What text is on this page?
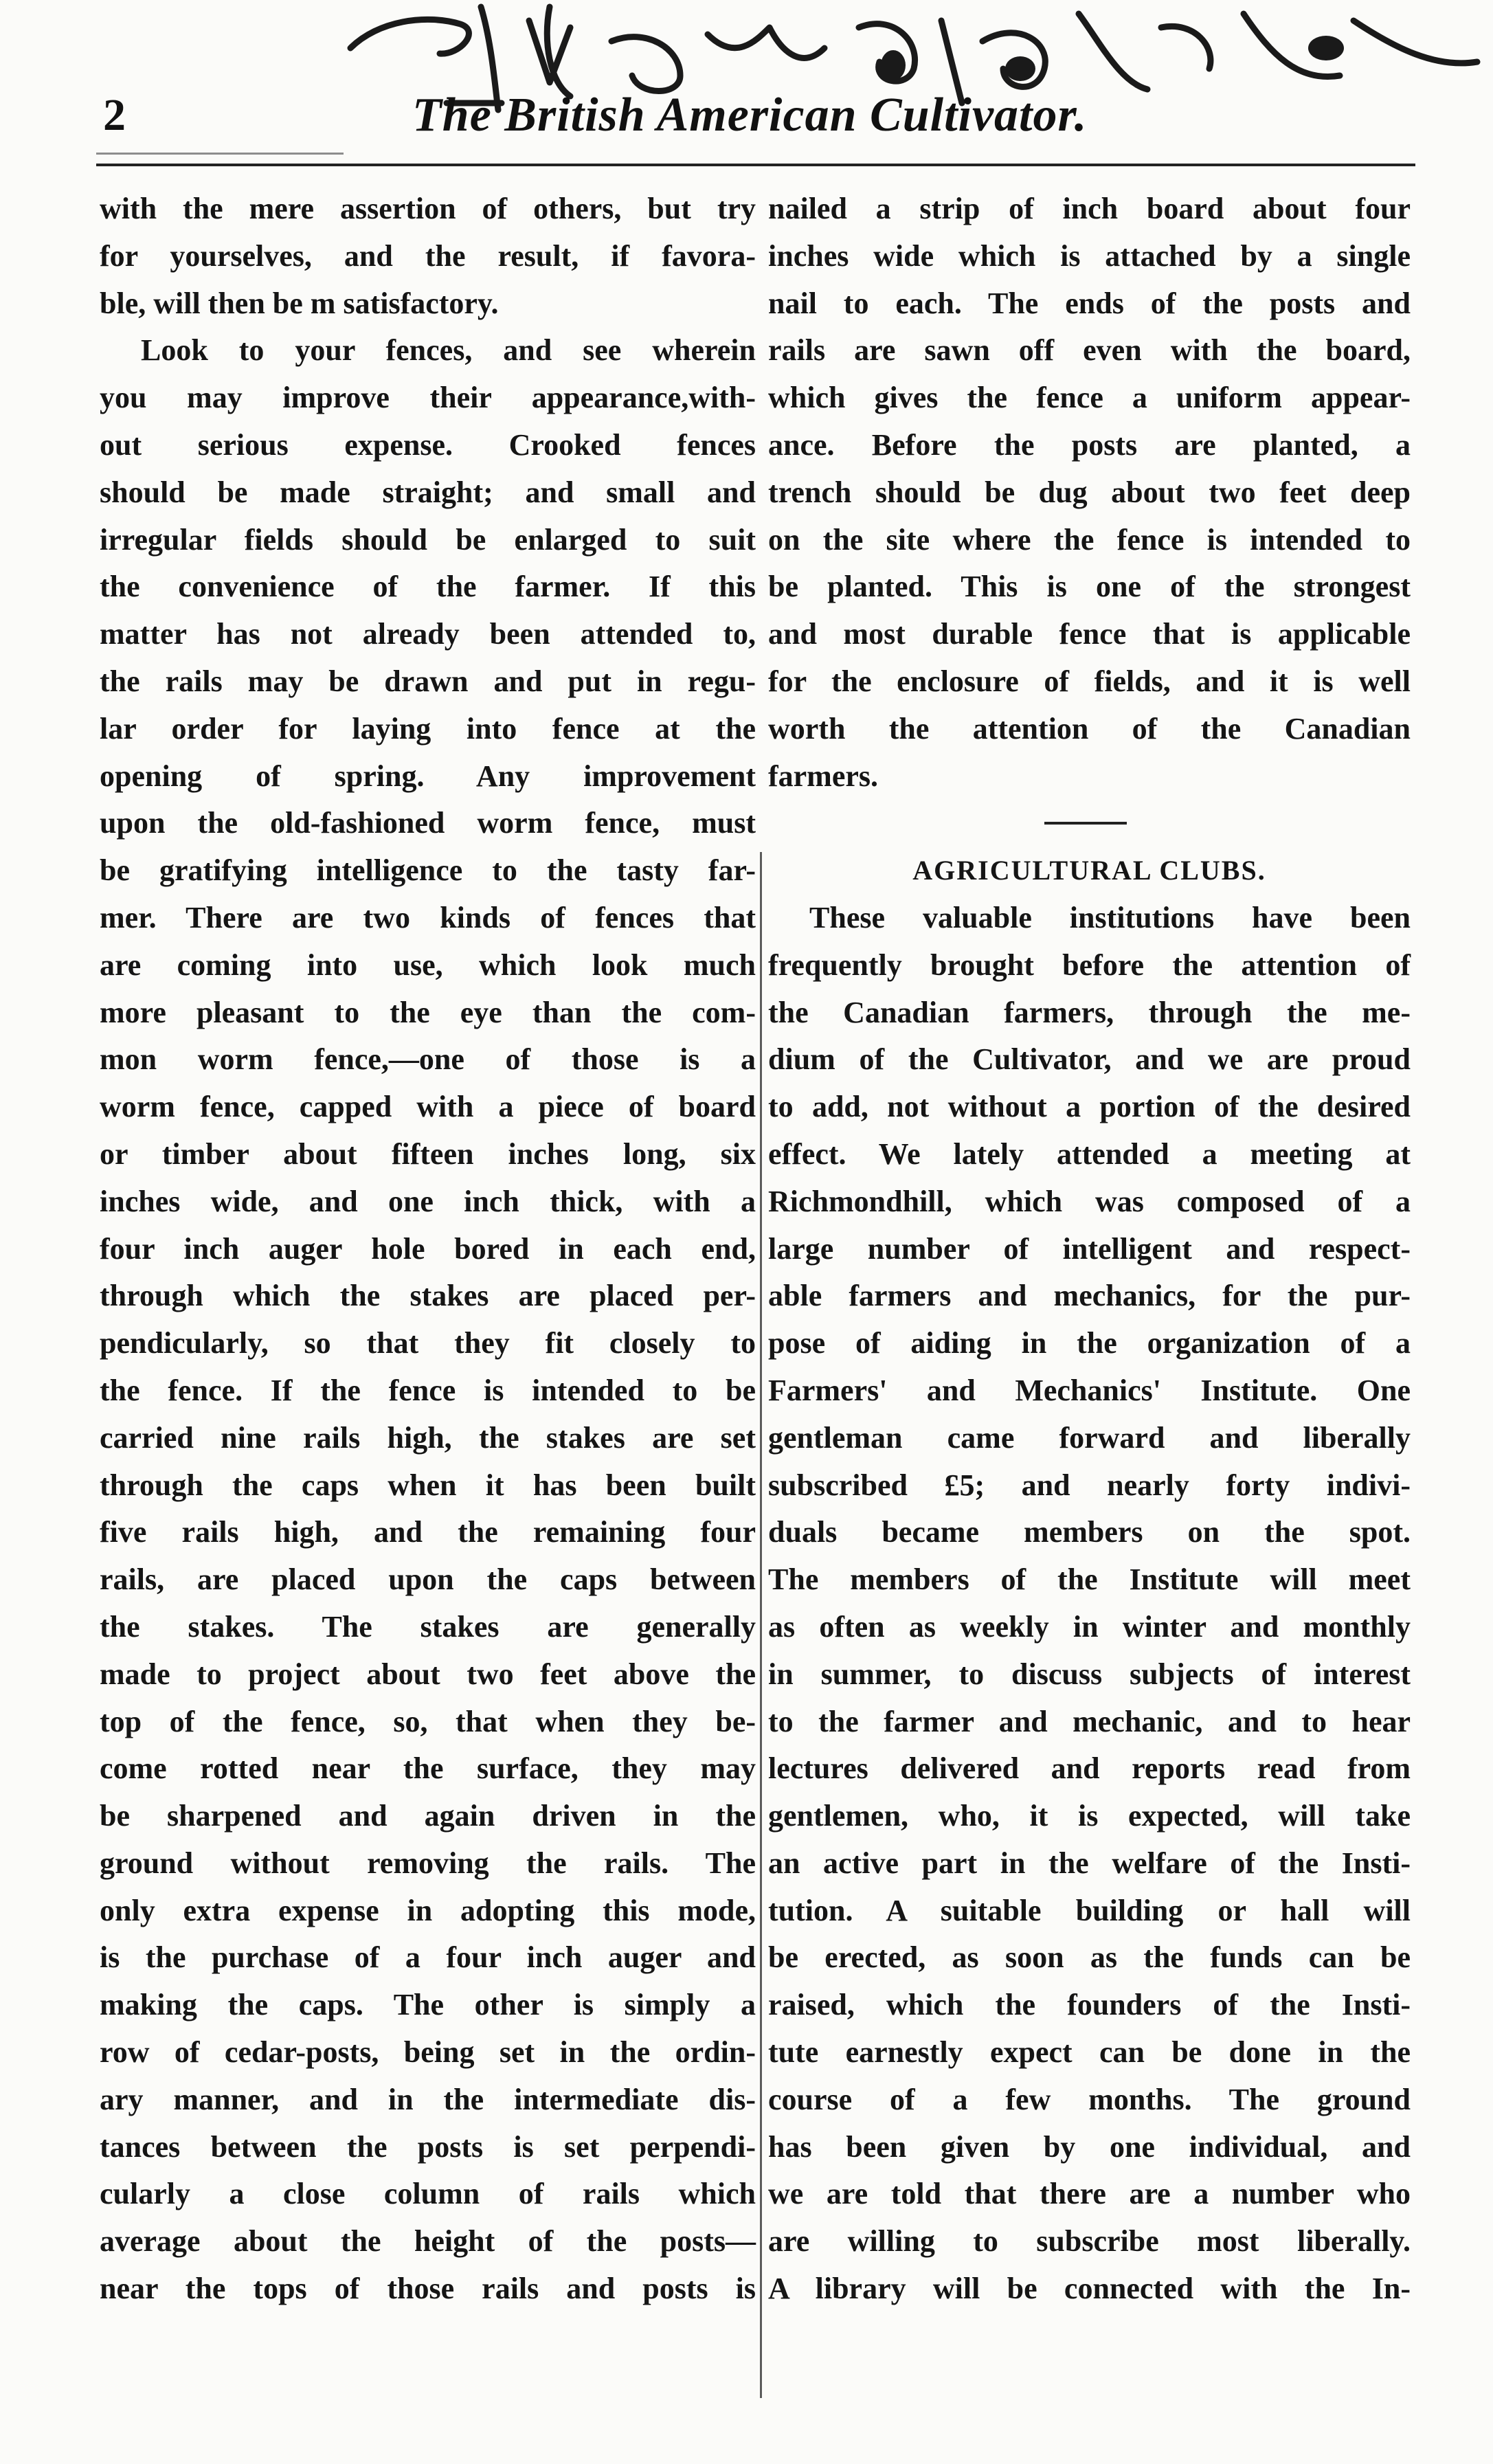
2	The British American Cultivator.
with the mere assertion of others, but try
for yourselves, and the result, if favora-
ble, will then be m satisfactory.
Look to your fences, and see wherein
you may improve their appearance,with-
out serious expense. Crooked fences
should be made straight; and small and
irregular fields should be enlarged to suit
the convenience of the farmer. If this
matter has not already been attended to,
the rails may be drawn and put in regu-
lar order for laying into fence at the
opening of spring. Any improvement
upon the old-fashioned worm fence, must
be gratifying intelligence to the tasty far-
mer. There are two kinds of fences that
are coming into use, which look much
more pleasant to the eye than the com-
mon worm fence,—one of those is a
worm fence, capped with a piece of board
or timber about fifteen inches long, six
inches wide, and one inch thick, with a
four inch auger hole bored in each end,
through which the stakes are placed per-
pendicularly, so that they fit closely to
the fence. If the fence is intended to be
carried nine rails high, the stakes are set
through the caps when it has been built
five rails high, and the remaining four
rails, are placed upon the caps between
the stakes. The stakes are generally
made to project about two feet above the
top of the fence, so, that when they be-
come rotted near the surface, they may
be sharpened and again driven in the
ground without removing the rails. The
only extra expense in adopting this mode,
is the purchase of a four inch auger and
making the caps. The other is simply a
row of cedar-posts, being set in the ordin-
ary manner, and in the intermediate dis-
tances between the posts is set perpendi-
cularly a close column of rails which
average about the height of the posts—
near the tops of those rails and posts is
nailed a strip of inch board about four
inches wide which is attached by a single
nail to each. The ends of the posts and
rails are sawn off even with the board,
which gives the fence a uniform appear-
ance. Before the posts are planted, a
trench should be dug about two feet deep
on the site where the fence is intended to
be planted. This is one of the strongest
and most durable fence that is applicable
for the enclosure of fields, and it is well
worth the attention of the Canadian
farmers.
AGRICULTURAL CLUBS.
These valuable institutions have been
frequently brought before the attention of
the Canadian farmers, through the me-
dium of the Cultivator, and we are proud
to add, not without a portion of the desired
effect. We lately attended a meeting at
Richmondhill, which was composed of a
large number of intelligent and respect-
able farmers and mechanics, for the pur-
pose of aiding in the organization of a
Farmers' and Mechanics' Institute. One
gentleman came forward and liberally
subscribed £5; and nearly forty indivi-
duals became members on the spot.
The members of the Institute will meet
as often as weekly in winter and monthly
in summer, to discuss subjects of interest
to the farmer and mechanic, and to hear
lectures delivered and reports read from
gentlemen, who, it is expected, will take
an active part in the welfare of the Insti-
tution. A suitable building or hall will
be erected, as soon as the funds can be
raised, which the founders of the Insti-
tute earnestly expect can be done in the
course of a few months. The ground
has been given by one individual, and
we are told that there are a number who
are willing to subscribe most liberally.
A library will be connected with the In-
